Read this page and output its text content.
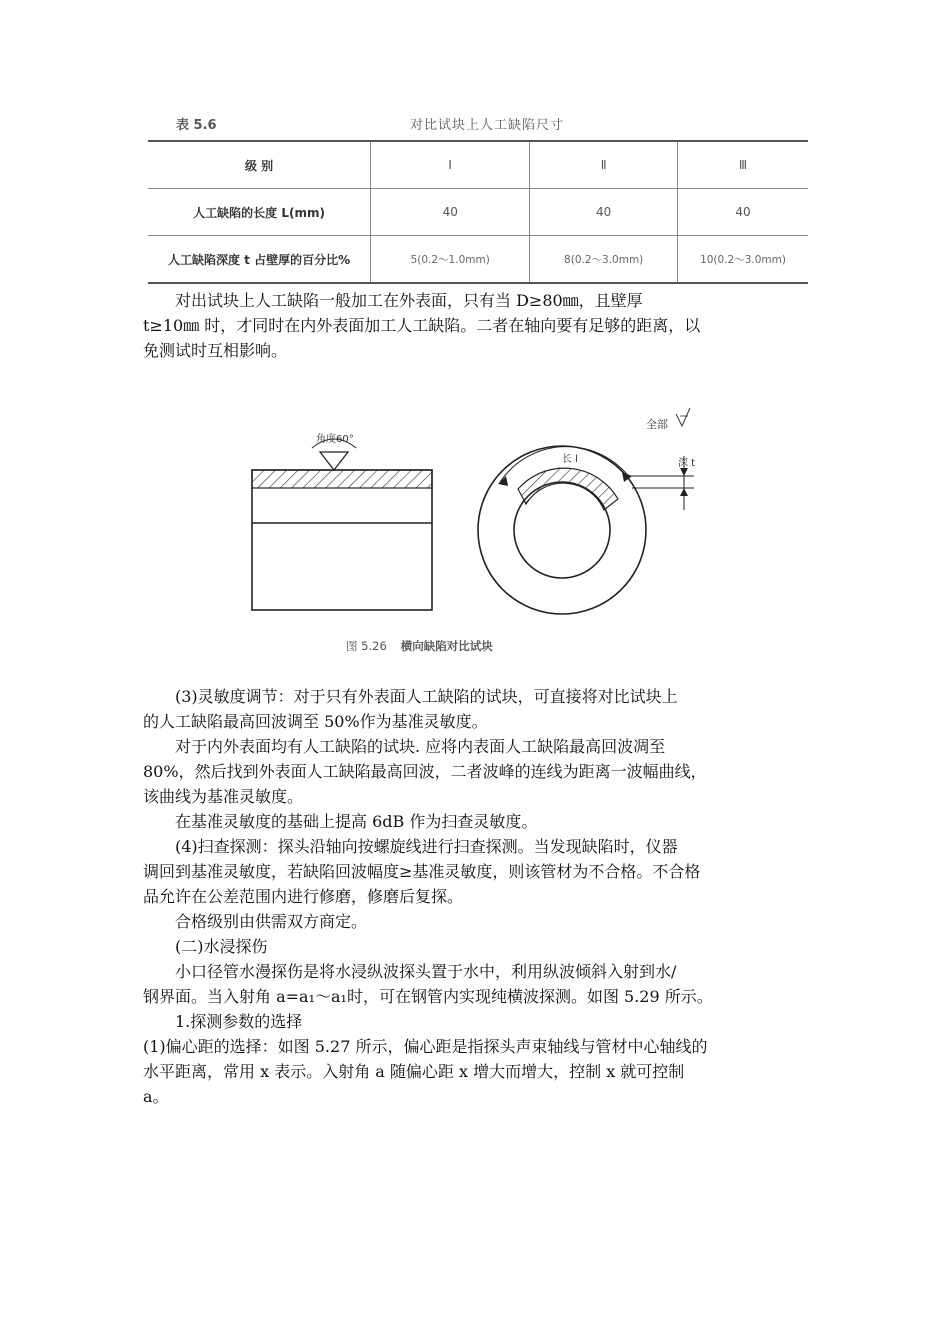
表 5.6	对比试块上人工缺陷尺寸
级 别	Ⅰ	Ⅱ	Ⅲ
人工缺陷的长度 L(mm)	40	40	40
人工缺陷深度 t 占壁厚的百分比%	5(0.2～1.0mm)	8(0.2～3.0mm)	10(0.2～3.0mm)

对出试块上人工缺陷一般加工在外表面，只有当 D≥80㎜，且壁厚
t≥10㎜ 时，才同时在内外表面加工人工缺陷。二者在轴向要有足够的距离，以
免测试时互相影响。

角度60°
长 l	深 t
全部
图 5.26 横向缺陷对比试块

(3)灵敏度调节：对于只有外表面人工缺陷的试块，可直接将对比试块上
的人工缺陷最高回波调至 50%作为基准灵敏度。

对于内外表面均有人工缺陷的试块. 应将内表面人工缺陷最高回波凋至
80%，然后找到外表面人工缺陷最高回波，二者波峰的连线为距离一波幅曲线，
该曲线为基准灵敏度。

在基准灵敏度的基础上提高 6dB 作为扫查灵敏度。

(4)扫查探测：探头沿轴向按螺旋线进行扫查探测。当发现缺陷时，仪器
调回到基准灵敏度，若缺陷回波幅度≥基准灵敏度，则该管材为不合格。不合格
品允许在公差范围内进行修磨，修磨后复探。

合格级别由供需双方商定。

(二)水浸探伤

小口径管水漫探伤是将水浸纵波探头置于水中，利用纵波倾斜入射到水/
钢界面。当入射角 a=a₁～a₁时，可在钢管内实现纯横波探测。如图 5.29 所示。

1.探测参数的选择

(1)偏心距的选择：如图 5.27 所示，偏心距是指探头声束轴线与管材中心轴线的
水平距离，常用 x 表示。入射角 a 随偏心距 x 增大而增大，控制 x 就可控制
a。
